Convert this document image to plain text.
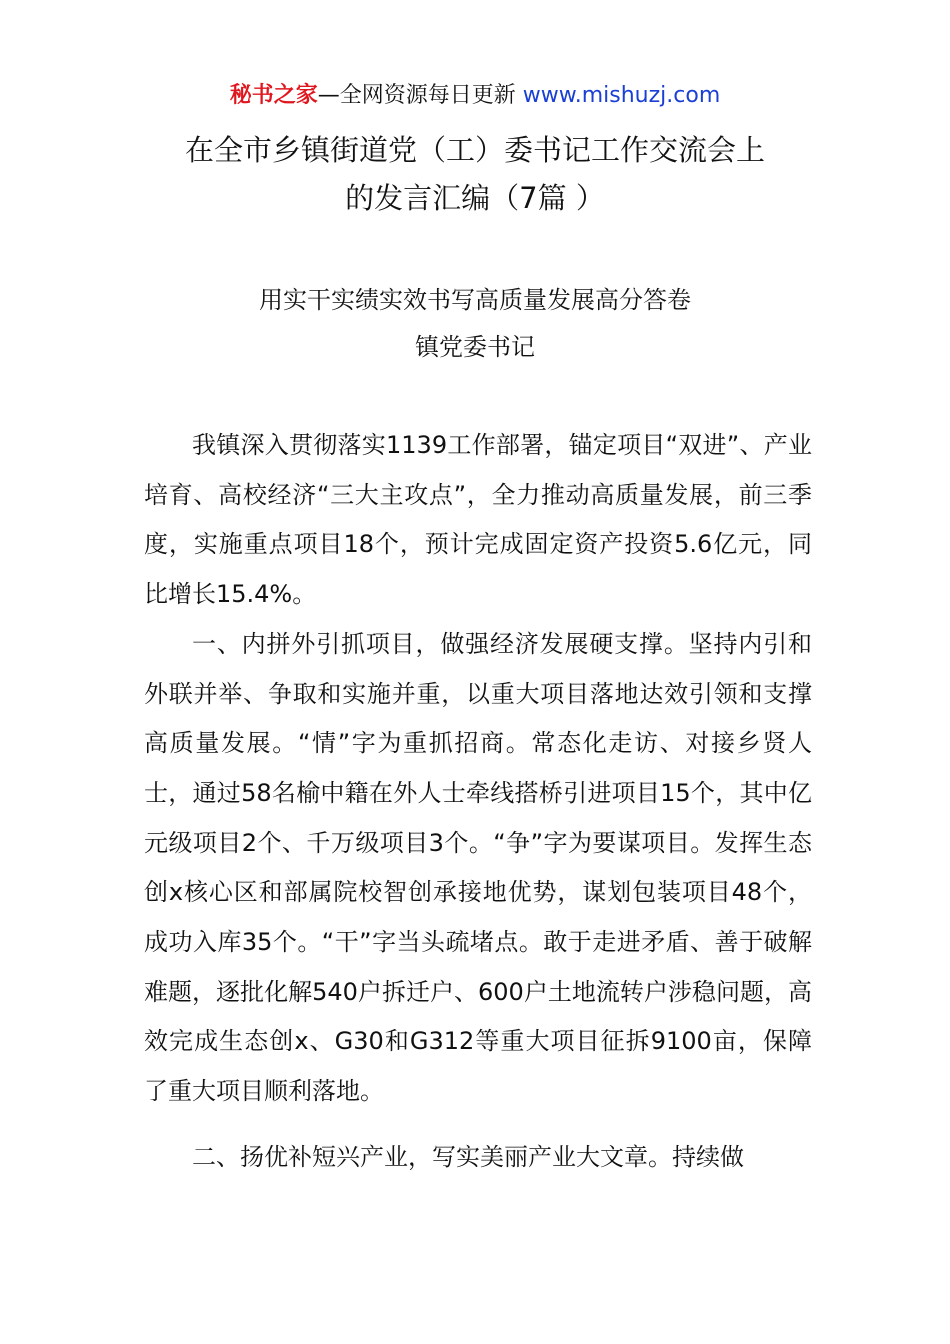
秘书之家—全网资源每日更新 www.mishuzj.com
在全市乡镇街道党（工）委书记工作交流会上
的发言汇编（7篇 ）
用实干实绩实效书写高质量发展高分答卷
镇党委书记

我镇深入贯彻落实1139工作部署，锚定项目“双进”、产业培育、高校经济“三大主攻点”，全力推动高质量发展，前三季度，实施重点项目18个，预计完成固定资产投资5.6亿元，同比增长15.4%。

一、内拼外引抓项目，做强经济发展硬支撑。坚持内引和外联并举、争取和实施并重，以重大项目落地达效引领和支撑高质量发展。“情”字为重抓招商。常态化走访、对接乡贤人士，通过58名榆中籍在外人士牵线搭桥引进项目15个，其中亿元级项目2个、千万级项目3个。“争”字为要谋项目。发挥生态创x核心区和部属院校智创承接地优势，谋划包装项目48个，成功入库35个。“干”字当头疏堵点。敢于走进矛盾、善于破解难题，逐批化解540户拆迁户、600户土地流转户涉稳问题，高效完成生态创x、G30和G312等重大项目征拆9100亩，保障了重大项目顺利落地。

二、扬优补短兴产业，写实美丽产业大文章。持续做
